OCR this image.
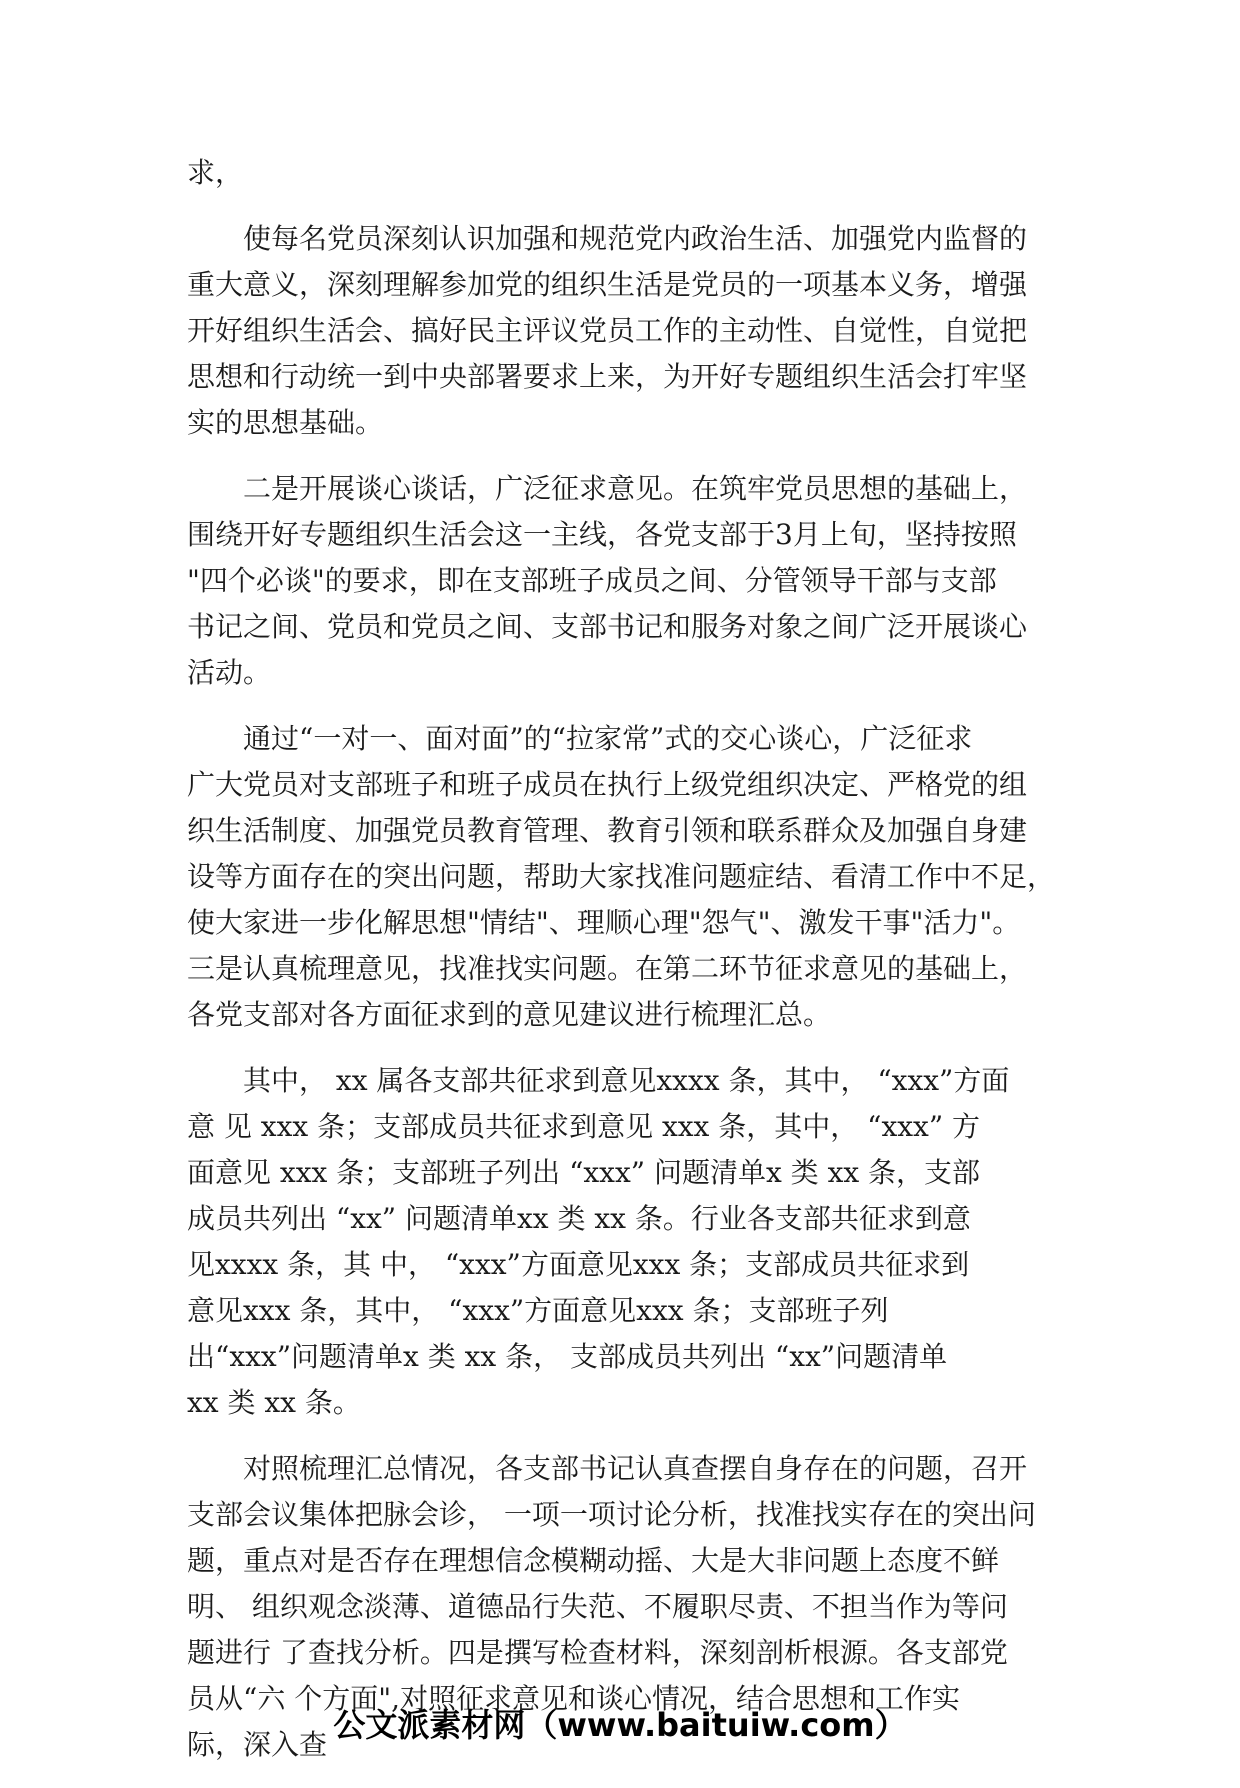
求，
　　使每名党员深刻认识加强和规范党内政治生活、加强党内监督的
重大意义，深刻理解参加党的组织生活是党员的一项基本义务，增强
开好组织生活会、搞好民主评议党员工作的主动性、自觉性，自觉把
思想和行动统一到中央部署要求上来，为开好专题组织生活会打牢坚
实的思想基础。
　　二是开展谈心谈话，广泛征求意见。在筑牢党员思想的基础上，
围绕开好专题组织生活会这一主线，各党支部于3月上旬，坚持按照
"四个必谈"的要求，即在支部班子成员之间、分管领导干部与支部
书记之间、党员和党员之间、支部书记和服务对象之间广泛开展谈心
活动。
　　通过“一对一、面对面”的“拉家常”式的交心谈心，广泛征求
广大党员对支部班子和班子成员在执行上级党组织决定、严格党的组
织生活制度、加强党员教育管理、教育引领和联系群众及加强自身建
设等方面存在的突出问题，帮助大家找准问题症结、看清工作中不足，
使大家进一步化解思想"情结"、理顺心理"怨气"、激发干事"活力"。
三是认真梳理意见，找准找实问题。在第二环节征求意见的基础上，
各党支部对各方面征求到的意见建议进行梳理汇总。
　　其中， xx 属各支部共征求到意见xxxx 条，其中， “xxx”方面
意 见 xxx 条；支部成员共征求到意见 xxx 条，其中， “xxx” 方
面意见 xxx 条；支部班子列出 “xxx” 问题清单x 类 xx 条，支部
成员共列出 “xx” 问题清单xx 类 xx 条。行业各支部共征求到意
见xxxx 条，其 中， “xxx”方面意见xxx 条；支部成员共征求到
意见xxx 条，其中， “xxx”方面意见xxx 条；支部班子列
出“xxx”问题清单x 类 xx 条， 支部成员共列出 “xx”问题清单
xx 类 xx 条。
　　对照梳理汇总情况，各支部书记认真查摆自身存在的问题，召开
支部会议集体把脉会诊， 一项一项讨论分析，找准找实存在的突出问
题，重点对是否存在理想信念模糊动摇、大是大非问题上态度不鲜
明、 组织观念淡薄、道德品行失范、不履职尽责、不担当作为等问
题进行 了查找分析。四是撰写检查材料，深刻剖析根源。各支部党
员从“六 个方面",对照征求意见和谈心情况，结合思想和工作实
际，深入查
公文派素材网（www.baituiw.com）
